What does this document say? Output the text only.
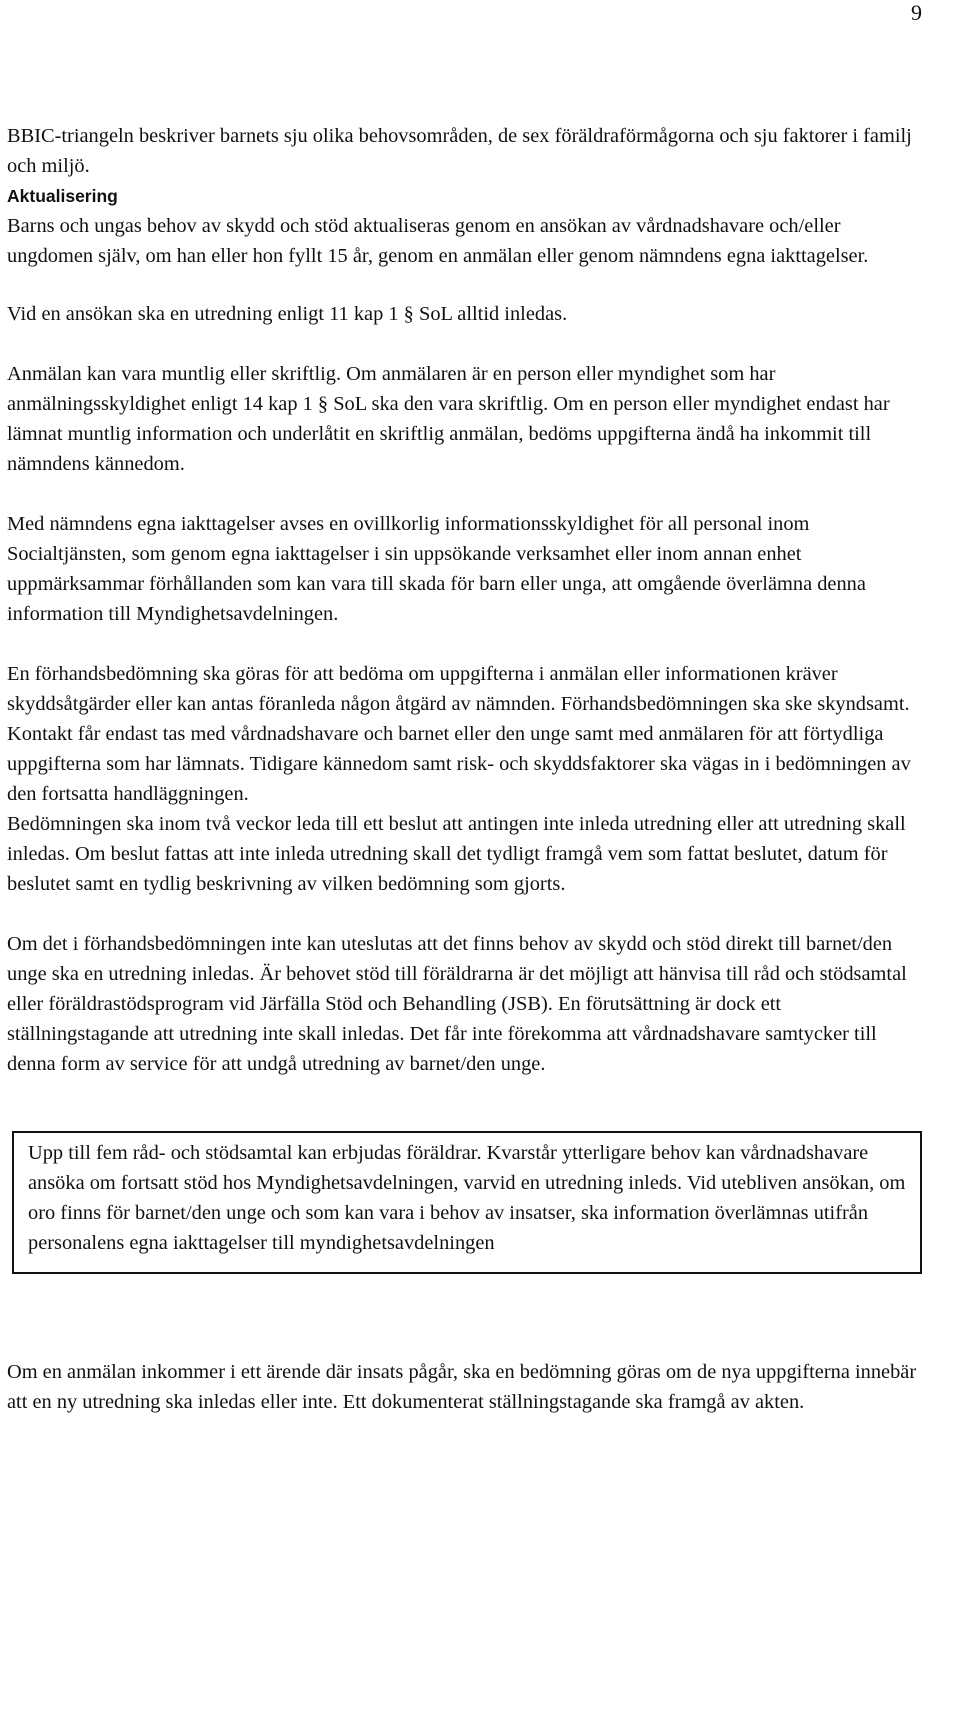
9

BBIC-triangeln beskriver barnets sju olika behovsområden, de sex föräldraförmågorna och sju faktorer i familj och miljö.

Aktualisering

Barns och ungas behov av skydd och stöd aktualiseras genom en ansökan av vårdnadshavare och/eller ungdomen själv, om han eller hon fyllt 15 år, genom en anmälan eller genom nämndens egna iakttagelser.

Vid en ansökan ska en utredning enligt 11 kap 1 § SoL alltid inledas.

Anmälan kan vara muntlig eller skriftlig. Om anmälaren är en person eller myndighet som har anmälningsskyldighet enligt 14 kap 1 § SoL ska den vara skriftlig. Om en person eller myndighet endast har lämnat muntlig information och underlåtit en skriftlig anmälan, bedöms uppgifterna ändå ha inkommit till nämndens kännedom.

Med nämndens egna iakttagelser avses en ovillkorlig informationsskyldighet för all personal inom Socialtjänsten, som genom egna iakttagelser i sin uppsökande verksamhet eller inom annan enhet uppmärksammar förhållanden som kan vara till skada för barn eller unga, att omgående överlämna denna information till Myndighetsavdelningen.

En förhandsbedömning ska göras för att bedöma om uppgifterna i anmälan eller informationen kräver skyddsåtgärder eller kan antas föranleda någon åtgärd av nämnden. Förhandsbedömningen ska ske skyndsamt. Kontakt får endast tas med vårdnadshavare och barnet eller den unge samt med anmälaren för att förtydliga uppgifterna som har lämnats. Tidigare kännedom samt risk- och skyddsfaktorer ska vägas in i bedömningen av den fortsatta handläggningen.

Bedömningen ska inom två veckor leda till ett beslut att antingen inte inleda utredning eller att utredning skall inledas. Om beslut fattas att inte inleda utredning skall det tydligt framgå vem som fattat beslutet, datum för beslutet samt en tydlig beskrivning av vilken bedömning som gjorts.

Om det i förhandsbedömningen inte kan uteslutas att det finns behov av skydd och stöd direkt till barnet/den unge ska en utredning inledas. Är behovet stöd till föräldrarna är det möjligt att hänvisa till råd och stödsamtal eller föräldrastödsprogram vid Järfälla Stöd och Behandling (JSB). En förutsättning är dock ett ställningstagande att utredning inte skall inledas. Det får inte förekomma att vårdnadshavare samtycker till denna form av service för att undgå utredning av barnet/den unge.

Upp till fem råd- och stödsamtal kan erbjudas föräldrar. Kvarstår ytterligare behov kan vårdnadshavare ansöka om fortsatt stöd hos Myndighetsavdelningen, varvid en utredning inleds. Vid utebliven ansökan, om oro finns för barnet/den unge och som kan vara i behov av insatser, ska information överlämnas utifrån personalens egna iakttagelser till myndighetsavdelningen

Om en anmälan inkommer i ett ärende där insats pågår, ska en bedömning göras om de nya uppgifterna innebär att en ny utredning ska inledas eller inte. Ett dokumenterat ställningstagande ska framgå av akten.
